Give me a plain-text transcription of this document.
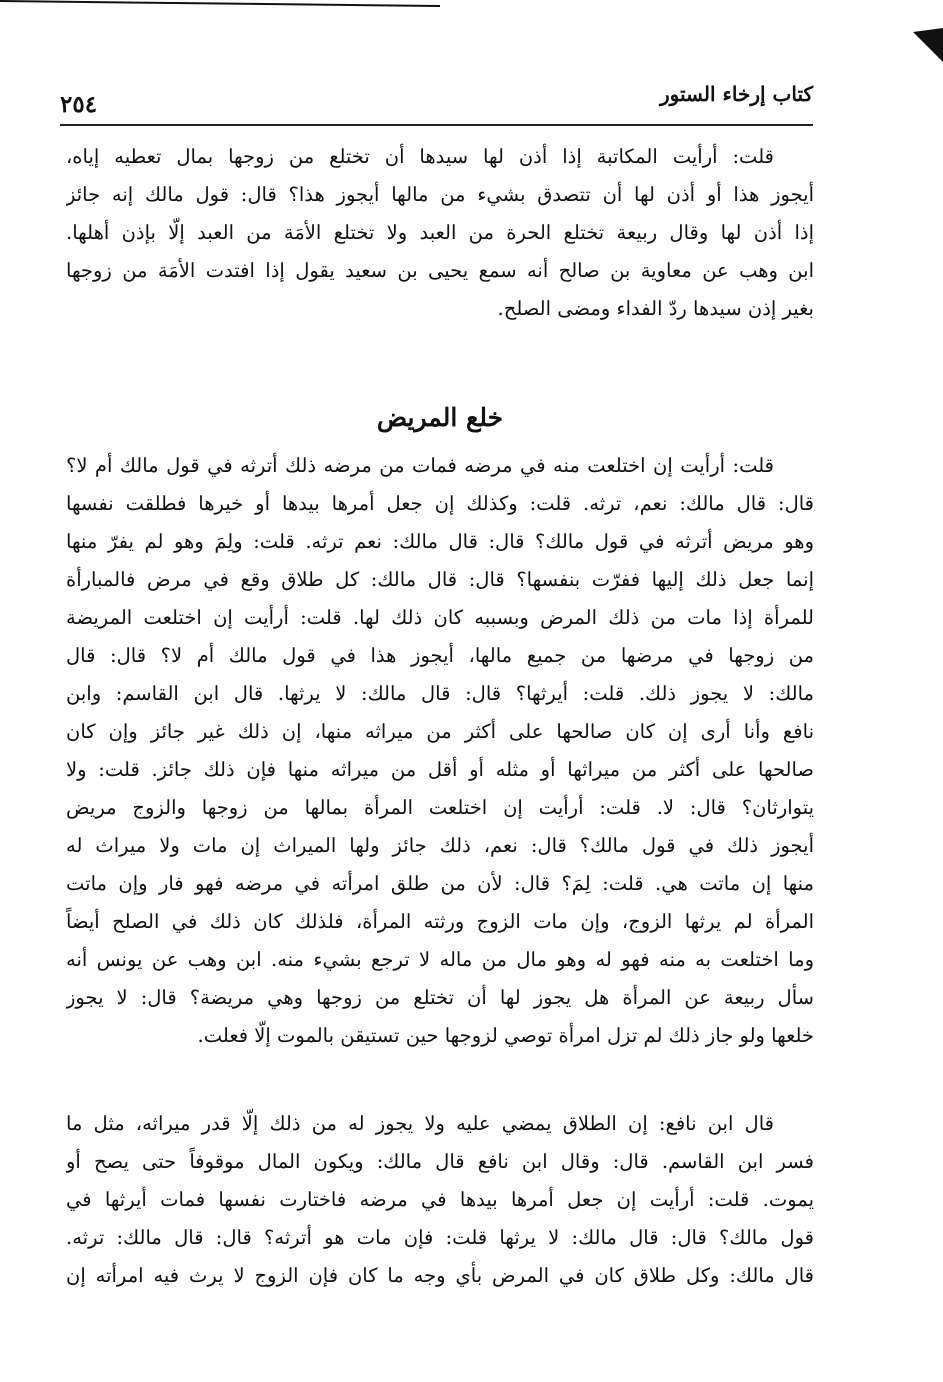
كتاب إرخاء الستور
٢٥٤
قلت: أرأيت المكاتبة إذا أذن لها سيدها أن تختلع من زوجها بمال تعطيه إياه،
أيجوز هذا أو أذن لها أن تتصدق بشيء من مالها أيجوز هذا؟ قال: قول مالك إنه جائز
إذا أذن لها وقال ربيعة تختلع الحرة من العبد ولا تختلع الأمَة من العبد إلّا بإذن أهلها.
ابن وهب عن معاوية بن صالح أنه سمع يحيى بن سعيد يقول إذا افتدت الأمَة من زوجها
بغير إذن سيدها ردّ الفداء ومضى الصلح.
خلع المريض
قلت: أرأيت إن اختلعت منه في مرضه فمات من مرضه ذلك أترثه في قول مالك أم لا؟
قال: قال مالك: نعم، ترثه. قلت: وكذلك إن جعل أمرها بيدها أو خيرها فطلقت نفسها
وهو مريض أترثه في قول مالك؟ قال: قال مالك: نعم ترثه. قلت: ولِمَ وهو لم يفرّ منها
إنما جعل ذلك إليها ففرّت بنفسها؟ قال: قال مالك: كل طلاق وقع في مرض فالمبارأة
للمرأة إذا مات من ذلك المرض وبسببه كان ذلك لها. قلت: أرأيت إن اختلعت المريضة
من زوجها في مرضها من جميع مالها، أيجوز هذا في قول مالك أم لا؟ قال: قال
مالك: لا يجوز ذلك. قلت: أيرثها؟ قال: قال مالك: لا يرثها. قال ابن القاسم: وابن
نافع وأنا أرى إن كان صالحها على أكثر من ميراثه منها، إن ذلك غير جائز وإن كان
صالحها على أكثر من ميراثها أو مثله أو أقل من ميراثه منها فإن ذلك جائز. قلت: ولا
يتوارثان؟ قال: لا. قلت: أرأيت إن اختلعت المرأة بمالها من زوجها والزوج مريض
أيجوز ذلك في قول مالك؟ قال: نعم، ذلك جائز ولها الميراث إن مات ولا ميراث له
منها إن ماتت هي. قلت: لِمَ؟ قال: لأن من طلق امرأته في مرضه فهو فار وإن ماتت
المرأة لم يرثها الزوج، وإن مات الزوج ورثته المرأة، فلذلك كان ذلك في الصلح أيضاً
وما اختلعت به منه فهو له وهو مال من ماله لا ترجع بشيء منه. ابن وهب عن يونس أنه
سأل ربيعة عن المرأة هل يجوز لها أن تختلع من زوجها وهي مريضة؟ قال: لا يجوز
خلعها ولو جاز ذلك لم تزل امرأة توصي لزوجها حين تستيقن بالموت إلّا فعلت.
قال ابن نافع: إن الطلاق يمضي عليه ولا يجوز له من ذلك إلّا قدر ميراثه، مثل ما
فسر ابن القاسم. قال: وقال ابن نافع قال مالك: ويكون المال موقوفاً حتى يصح أو
يموت. قلت: أرأيت إن جعل أمرها بيدها في مرضه فاختارت نفسها فمات أيرثها في
قول مالك؟ قال: قال مالك: لا يرثها قلت: فإن مات هو أترثه؟ قال: قال مالك: ترثه.
قال مالك: وكل طلاق كان في المرض بأي وجه ما كان فإن الزوج لا يرث فيه امرأته إن
